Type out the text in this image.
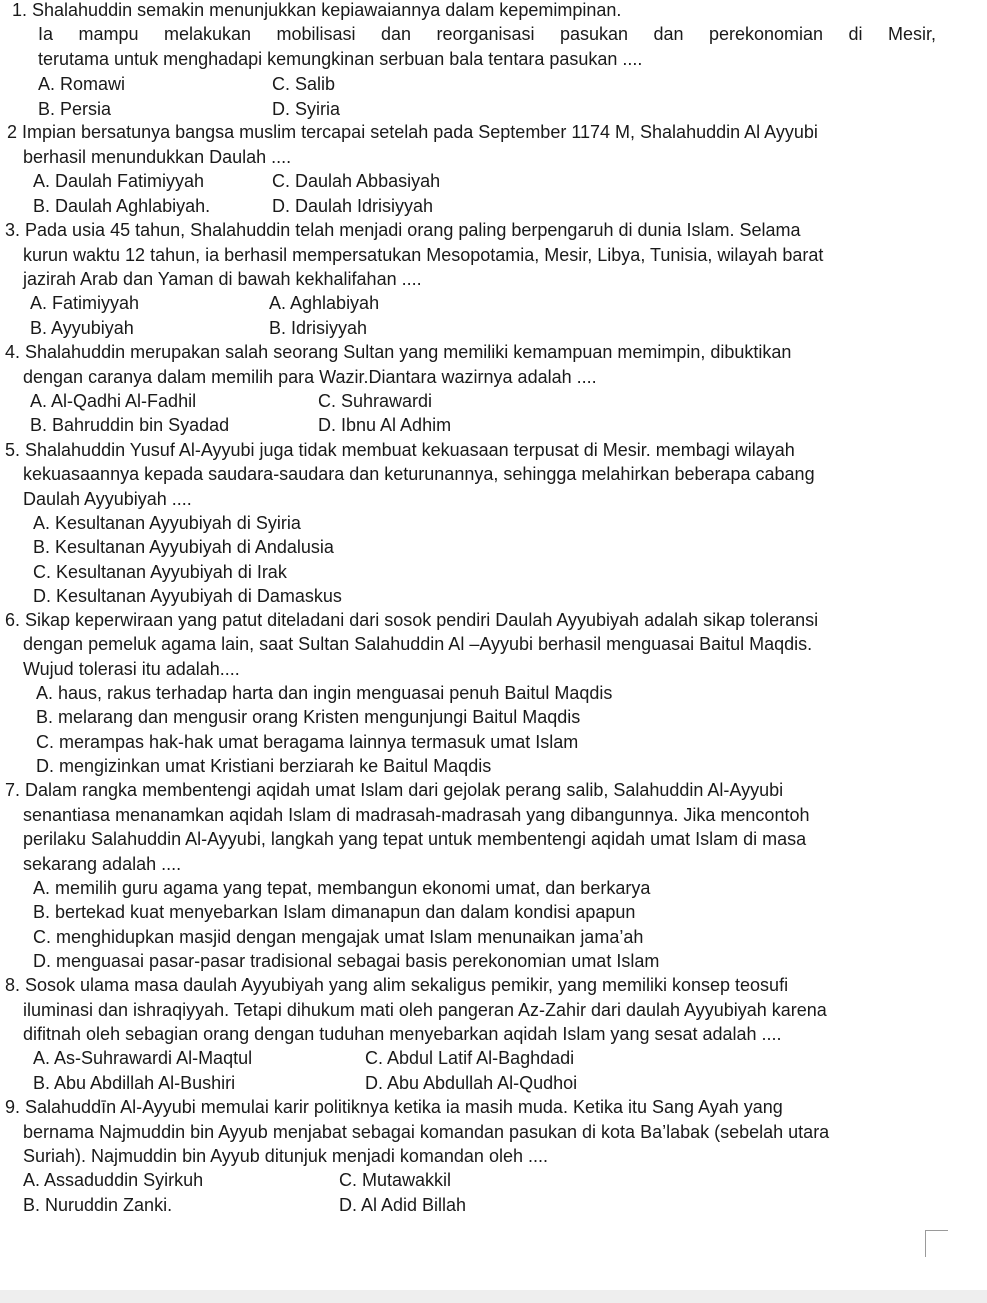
1. Shalahuddin semakin menunjukkan kepiawaiannya dalam kepemimpinan.
Ia mampu melakukan mobilisasi dan reorganisasi pasukan dan perekonomian di Mesir,
terutama untuk menghadapi kemungkinan serbuan bala tentara pasukan ....
A. Romawi	C. Salib
B. Persia	D. Syiria
2 Impian bersatunya bangsa muslim tercapai setelah pada September 1174 M, Shalahuddin Al Ayyubi
berhasil menundukkan Daulah ....
A. Daulah Fatimiyyah	C. Daulah Abbasiyah
B. Daulah Aghlabiyah.	D. Daulah Idrisiyyah
3. Pada usia 45 tahun, Shalahuddin telah menjadi orang paling berpengaruh di dunia Islam. Selama
kurun waktu 12 tahun, ia berhasil mempersatukan Mesopotamia, Mesir, Libya, Tunisia, wilayah barat
jazirah Arab dan Yaman di bawah kekhalifahan ....
A. Fatimiyyah	A. Aghlabiyah
B. Ayyubiyah	B. Idrisiyyah
4. Shalahuddin merupakan salah seorang Sultan yang memiliki kemampuan memimpin, dibuktikan
dengan caranya dalam memilih para Wazir.Diantara wazirnya adalah ....
A. Al-Qadhi Al-Fadhil	C. Suhrawardi
B. Bahruddin bin Syadad	D. Ibnu Al Adhim
5. Shalahuddin Yusuf Al-Ayyubi juga tidak membuat kekuasaan terpusat di Mesir. membagi wilayah
kekuasaannya kepada saudara-saudara dan keturunannya, sehingga melahirkan beberapa cabang
Daulah Ayyubiyah ....
A. Kesultanan Ayyubiyah di Syiria
B. Kesultanan Ayyubiyah di Andalusia
C. Kesultanan Ayyubiyah di Irak
D. Kesultanan Ayyubiyah di Damaskus
6. Sikap keperwiraan yang patut diteladani dari sosok pendiri Daulah Ayyubiyah adalah sikap toleransi
dengan pemeluk agama lain, saat Sultan Salahuddin Al –Ayyubi berhasil menguasai Baitul Maqdis.
Wujud tolerasi itu adalah....
A. haus, rakus terhadap harta dan ingin menguasai penuh Baitul Maqdis
B. melarang dan mengusir orang Kristen mengunjungi Baitul Maqdis
C. merampas hak-hak umat beragama lainnya termasuk umat Islam
D. mengizinkan umat Kristiani berziarah ke Baitul Maqdis
7. Dalam rangka membentengi aqidah umat Islam dari gejolak perang salib, Salahuddin Al-Ayyubi
senantiasa menanamkan aqidah Islam di madrasah-madrasah yang dibangunnya. Jika mencontoh
perilaku Salahuddin Al-Ayyubi, langkah yang tepat untuk membentengi aqidah umat Islam di masa
sekarang adalah ....
A. memilih guru agama yang tepat, membangun ekonomi umat, dan berkarya
B. bertekad kuat menyebarkan Islam dimanapun dan dalam kondisi apapun
C. menghidupkan masjid dengan mengajak umat Islam menunaikan jama’ah
D. menguasai pasar-pasar tradisional sebagai basis perekonomian umat Islam
8. Sosok ulama masa daulah Ayyubiyah yang alim sekaligus pemikir, yang memiliki konsep teosufi
iluminasi dan ishraqiyyah. Tetapi dihukum mati oleh pangeran Az-Zahir dari daulah Ayyubiyah karena
difitnah oleh sebagian orang dengan tuduhan menyebarkan aqidah Islam yang sesat adalah ....
A. As-Suhrawardi Al-Maqtul	C. Abdul Latif Al-Baghdadi
B. Abu Abdillah Al-Bushiri	D. Abu Abdullah Al-Qudhoi
9. Salahuddīn Al-Ayyubi memulai karir politiknya ketika ia masih muda. Ketika itu Sang Ayah yang
bernama Najmuddin bin Ayyub menjabat sebagai komandan pasukan di kota Ba’labak (sebelah utara
Suriah). Najmuddin bin Ayyub ditunjuk menjadi komandan oleh ....
A. Assaduddin Syirkuh	C. Mutawakkil
B. Nuruddin Zanki.	D. Al Adid Billah
